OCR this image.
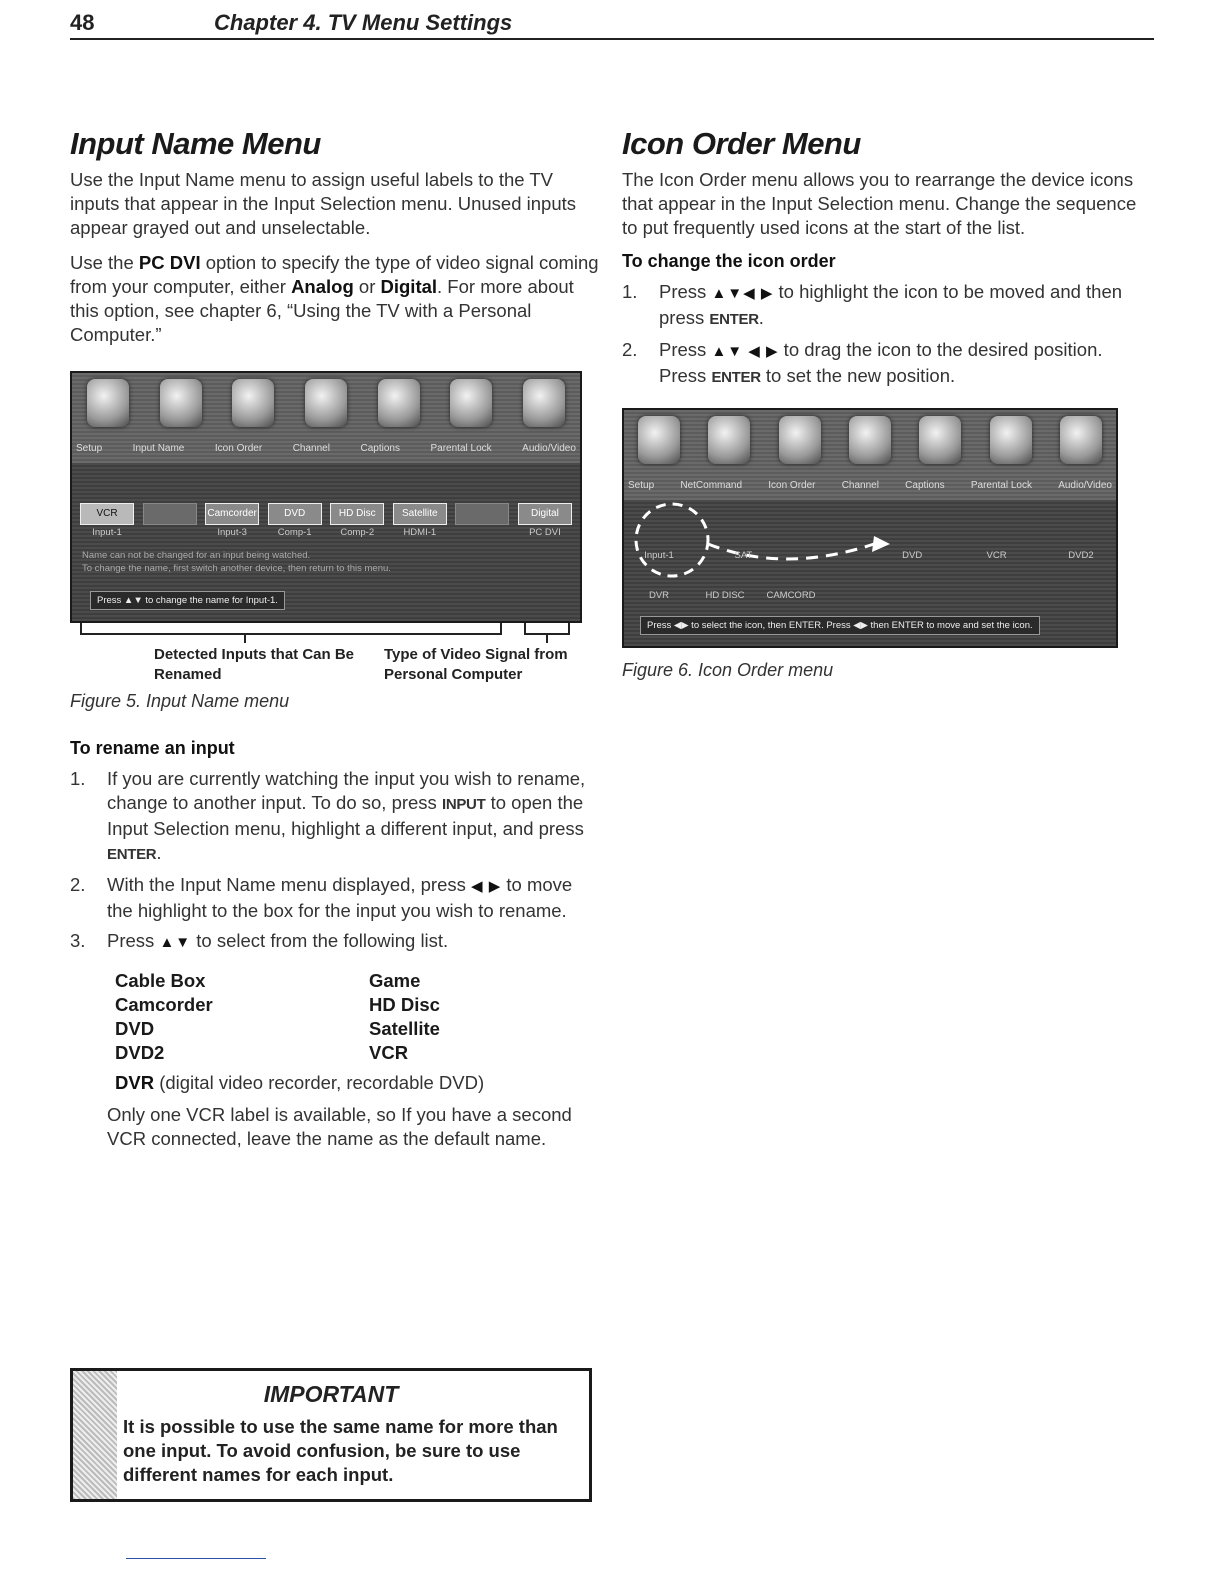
48	Chapter 4. TV Menu Settings
Input Name Menu

Use the Input Name menu to assign useful labels to the TV inputs that appear in the Input Selection menu. Unused inputs appear grayed out and unselectable.

Use the PC DVI option to specify the type of video signal coming from your computer, either Analog or Digital. For more about this option, see chapter 6, “Using the TV with a Personal Computer.”

Setup	Input Name	Icon Order	Channel	Captions	Parental Lock	Audio/Video
VCR	Camcorder	DVD	HD Disc	Satellite	Digital
Input-1	Input-3	Comp-1	Comp-2	HDMI-1	PC DVI
Name can not be changed for an input being watched.
To change the name, first switch another device, then return to this menu.
Press ▲▼ to change the name for Input-1.
Detected Inputs that Can Be Renamed
Type of Video Signal from Personal Computer
Figure 5. Input Name menu
To rename an input
1. If you are currently watching the input you wish to rename, change to another input. To do so, press INPUT to open the Input Selection menu, highlight a different input, and press ENTER.
2. With the Input Name menu displayed, press ◀ ▶ to move the highlight to the box for the input you wish to rename.
3. Press ▲▼ to select from the following list.
Cable Box	Game
Camcorder	HD Disc
DVD	Satellite
DVD2	VCR
DVR (digital video recorder, recordable DVD)
Only one VCR label is available, so If you have a second VCR connected, leave the name as the default name.
Icon Order Menu

The Icon Order menu allows you to rearrange the device icons that appear in the Input Selection menu. Change the sequence to put frequently used icons at the start of the list.

To change the icon order
1. Press ▲▼◀ ▶ to highlight the icon to be moved and then press ENTER.
2. Press ▲▼ ◀ ▶ to drag the icon to the desired position. Press ENTER to set the new position.
Setup	NetCommand	Icon Order	Channel	Captions	Parental Lock	Audio/Video
Input-1	SAT	DVD	VCR	DVD2
DVR	HD DISC	CAMCORD
Press ◀▶ to select the icon, then ENTER. Press ◀▶ then ENTER to move and set the icon.
Figure 6. Icon Order menu
IMPORTANT
It is possible to use the same name for more than one input. To avoid confusion, be sure to use different names for each input.
